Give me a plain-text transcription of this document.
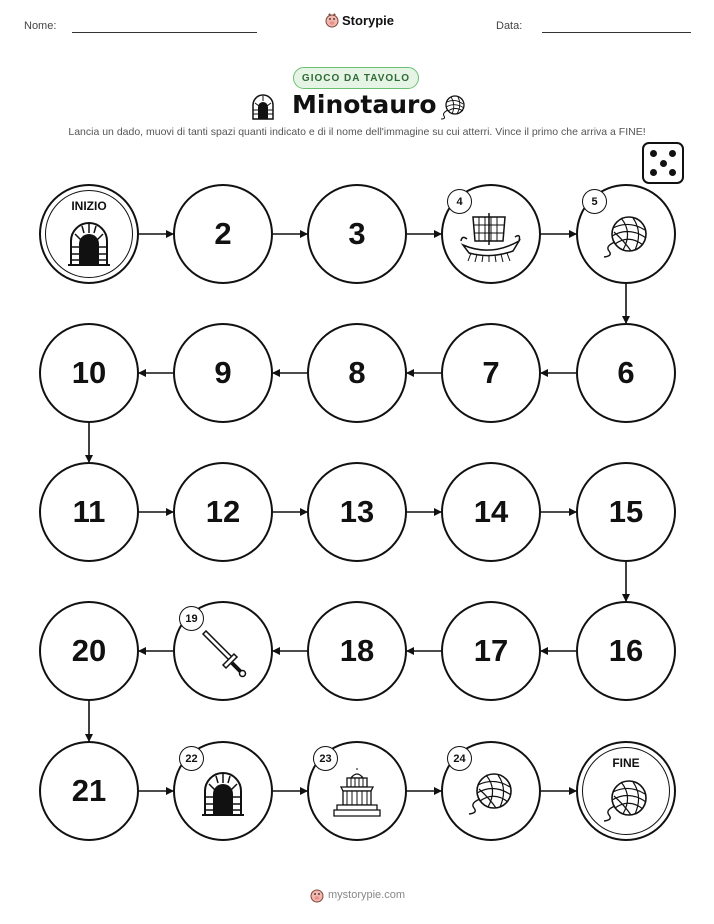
Nome:	Storypie	Data:
GIOCO DA TAVOLO
Minotauro
Lancia un dado, muovi di tanti spazi quanti indicato e di il nome dell'immagine su cui atterri. Vince il primo che arriva a FINE!
INIZIO
2	3
4	5
6
7
8
9
10
11	12	13	14	15
16
17
18
19
20
21
22	23	24	FINE
mystorypie.com
